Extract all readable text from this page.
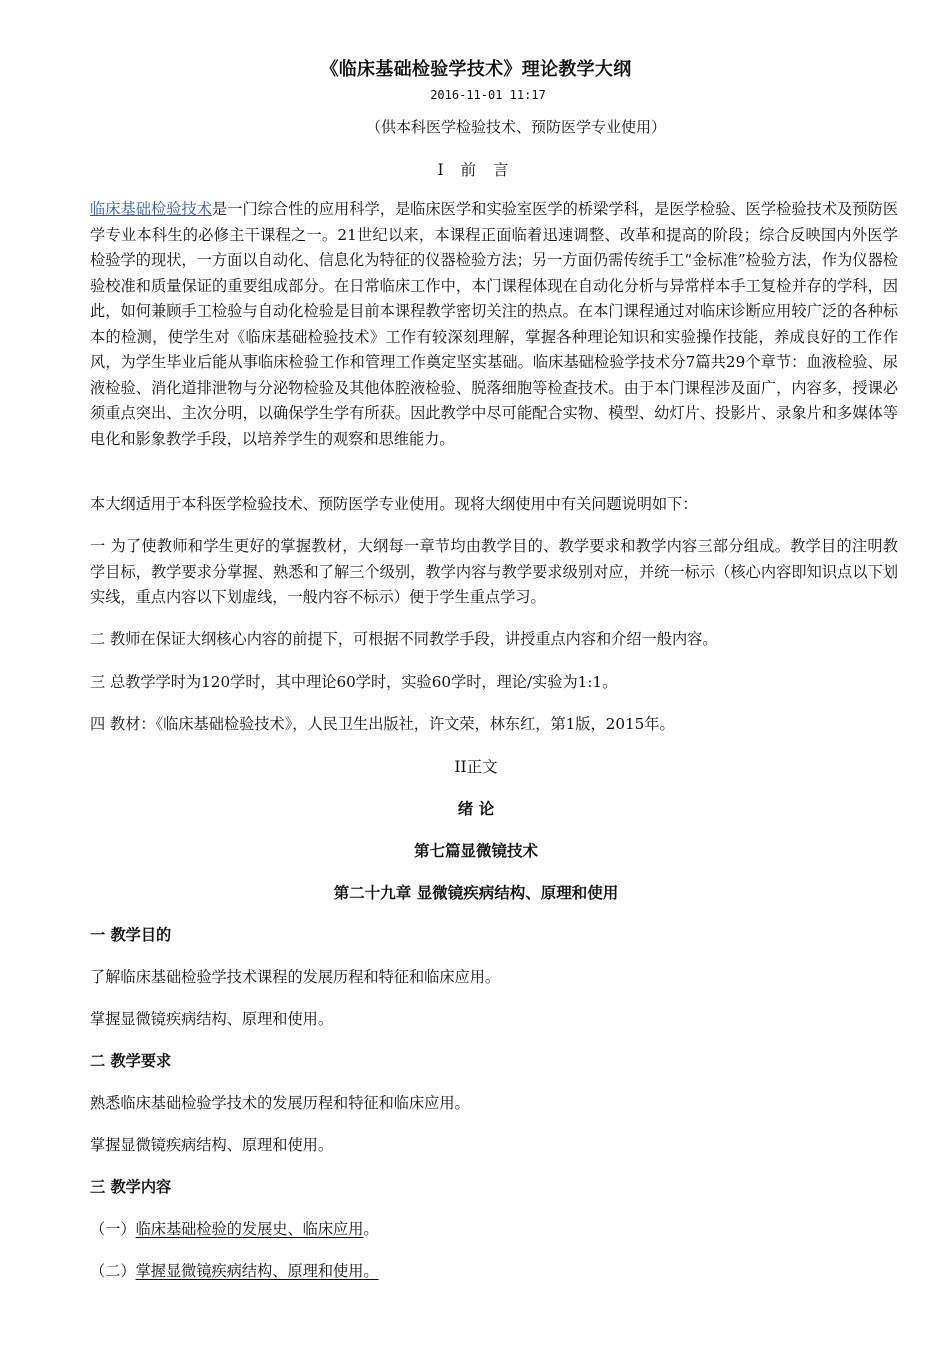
《临床基础检验学技术》理论教学大纲
2016-11-01 11:17
（供本科医学检验技术、预防医学专业使用）
I 前 言

临床基础检验技术是一门综合性的应用科学，是临床医学和实验室医学的桥梁学科，是医学检验、医学检验技术及预防医学专业本科生的必修主干课程之一。21世纪以来，本课程正面临着迅速调整、改革和提高的阶段；综合反映国内外医学检验学的现状，一方面以自动化、信息化为特征的仪器检验方法；另一方面仍需传统手工“金标准”检验方法，作为仪器检验校准和质量保证的重要组成部分。在日常临床工作中，本门课程体现在自动化分析与异常样本手工复检并存的学科，因此，如何兼顾手工检验与自动化检验是目前本课程教学密切关注的热点。在本门课程通过对临床诊断应用较广泛的各种标本的检测，使学生对《临床基础检验技术》工作有较深刻理解，掌握各种理论知识和实验操作技能，养成良好的工作作风，为学生毕业后能从事临床检验工作和管理工作奠定坚实基础。临床基础检验学技术分7篇共29个章节：血液检验、尿液检验、消化道排泄物与分泌物检验及其他体腔液检验、脱落细胞等检查技术。由于本门课程涉及面广，内容多，授课必须重点突出、主次分明，以确保学生学有所获。因此教学中尽可能配合实物、模型、幼灯片、投影片、录象片和多媒体等电化和影象教学手段，以培养学生的观察和思维能力。

本大纲适用于本科医学检验技术、预防医学专业使用。现将大纲使用中有关问题说明如下：

一 为了使教师和学生更好的掌握教材，大纲每一章节均由教学目的、教学要求和教学内容三部分组成。教学目的注明教学目标，教学要求分掌握、熟悉和了解三个级别，教学内容与教学要求级别对应，并统一标示（核心内容即知识点以下划实线，重点内容以下划虚线，一般内容不标示）便于学生重点学习。

二 教师在保证大纲核心内容的前提下，可根据不同教学手段，讲授重点内容和介绍一般内容。

三 总教学学时为120学时，其中理论60学时，实验60学时，理论/实验为1:1。

四 教材：《临床基础检验技术》，人民卫生出版社，许文荣，林东红，第1版，2015年。

II正文
绪 论
第七篇显微镜技术
第二十九章 显微镜疾病结构、原理和使用
一 教学目的
了解临床基础检验学技术课程的发展历程和特征和临床应用。
掌握显微镜疾病结构、原理和使用。
二 教学要求
熟悉临床基础检验学技术的发展历程和特征和临床应用。
掌握显微镜疾病结构、原理和使用。
三 教学内容
（一）临床基础检验的发展史、临床应用。
（二）掌握显微镜疾病结构、原理和使用。
